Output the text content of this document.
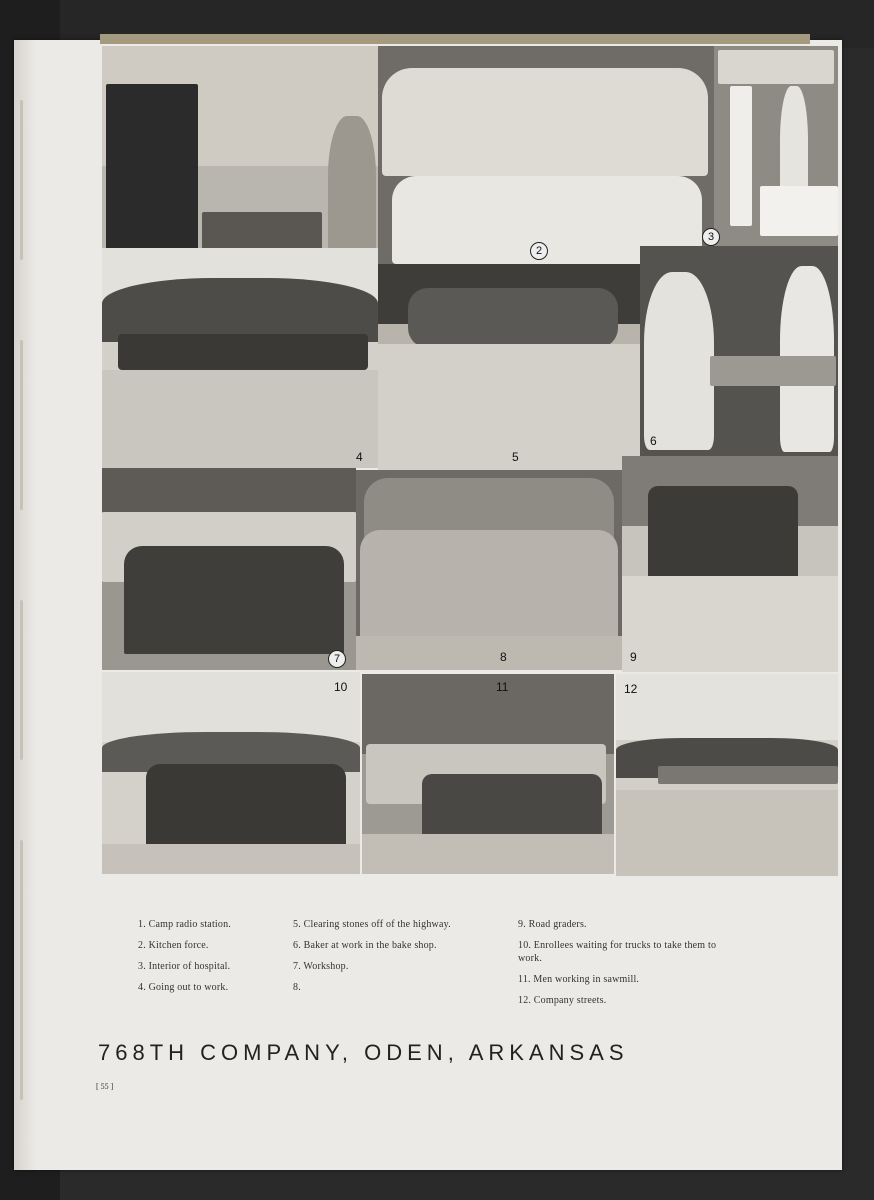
2
3
4	5
6
7	8	9
10	11	12
1. Camp radio station.
2. Kitchen force.
3. Interior of hospital.
4. Going out to work.
5. Clearing stones off of the highway.
6. Baker at work in the bake shop.
7. Workshop.
8.
9. Road graders.
10. Enrollees waiting for trucks to take them to work.
11. Men working in sawmill.
12. Company streets.
768TH COMPANY, ODEN, ARKANSAS
[ 55 ]
